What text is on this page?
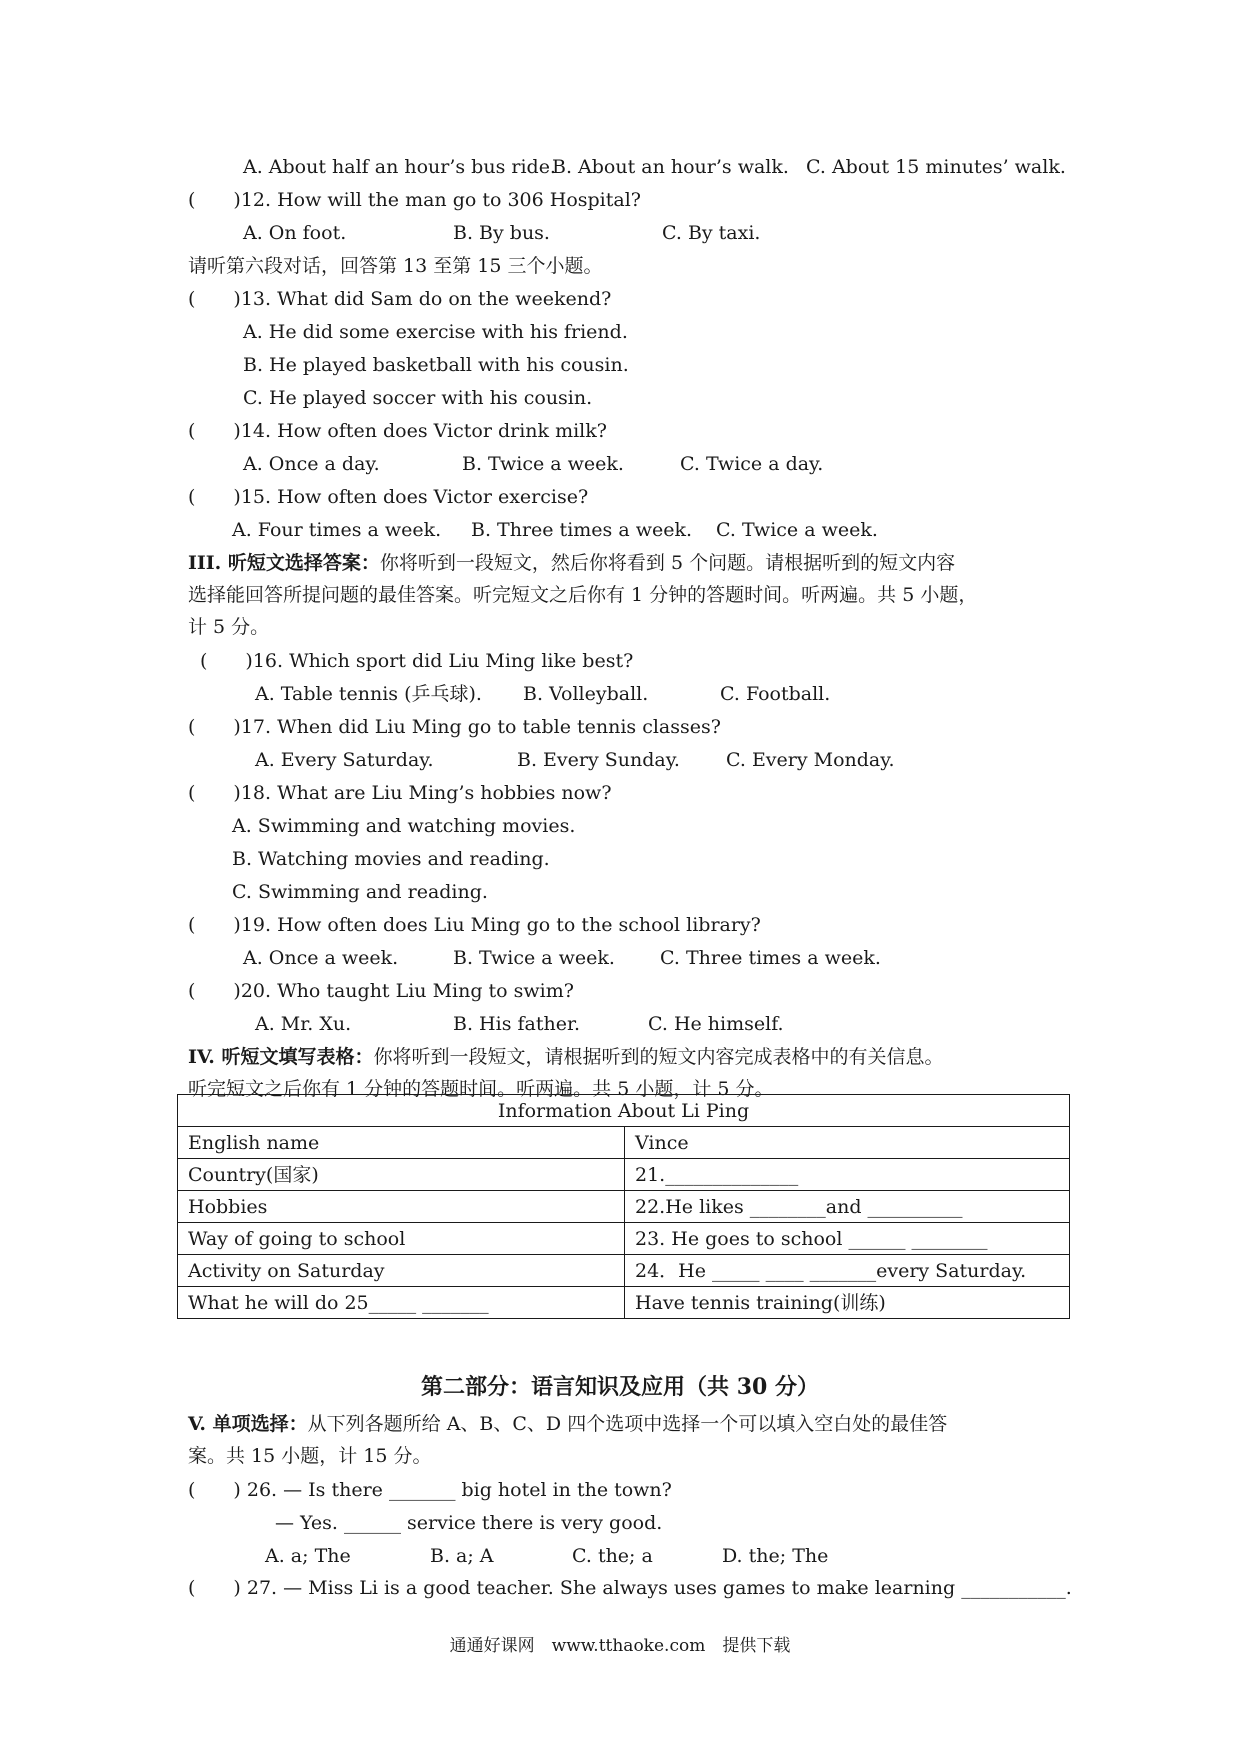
A. About half an hour’s bus ride.
B. About an hour’s walk. C. About 15 minutes’ walk.
(　　)12. How will the man go to 306 Hospital?
A. On foot.	B. By bus.	C. By taxi.
请听第六段对话，回答第 13 至第 15 三个小题。
(　　)13. What did Sam do on the weekend?
A. He did some exercise with his friend.
B. He played basketball with his cousin.
C. He played soccer with his cousin.
(　　)14. How often does Victor drink milk?
A. Once a day.	B. Twice a week.	C. Twice a day.
(　　)15. How often does Victor exercise?
A. Four times a week. B. Three times a week. C. Twice a week.
III. 听短文选择答案：你将听到一段短文，然后你将看到 5 个问题。请根据听到的短文内容
选择能回答所提问题的最佳答案。听完短文之后你有 1 分钟的答题时间。听两遍。共 5 小题，
计 5 分。
(　　)16. Which sport did Liu Ming like best?
A. Table tennis (乒乓球). B. Volleyball.	C. Football.
(　　)17. When did Liu Ming go to table tennis classes?
A. Every Saturday.	B. Every Sunday. C. Every Monday.
(　　)18. What are Liu Ming’s hobbies now?
A. Swimming and watching movies.
B. Watching movies and reading.
C. Swimming and reading.
(　　)19. How often does Liu Ming go to the school library?
A. Once a week.	B. Twice a week. C. Three times a week.
(　　)20. Who taught Liu Ming to swim?
A. Mr. Xu.	B. His father.	C. He himself.
IV. 听短文填写表格：你将听到一段短文，请根据听到的短文内容完成表格中的有关信息。
听完短文之后你有 1 分钟的答题时间。听两遍。共 5 小题，计 5 分。
Information About Li Ping	
English name	Vince
Country(国家)	21.______________
Hobbies	22.He likes ________and __________
Way of going to school	23. He goes to school ______ ________
Activity on Saturday	24．He _____ ____ _______every Saturday.
What he will do 25_____ _______	Have tennis training(训练)
第二部分：语言知识及应用（共 30 分）
V. 单项选择：从下列各题所给 A、B、C、D 四个选项中选择一个可以填入空白处的最佳答
案。共 15 小题，计 15 分。
(　　) 26. — Is there _______ big hotel in the town?
— Yes. ______ service there is very good.
A. a; The	B. a; A	C. the; a	D. the; The
(　　) 27. — Miss Li is a good teacher. She always uses games to make learning ___________.
通通好课网　www.tthaoke.com　提供下载
